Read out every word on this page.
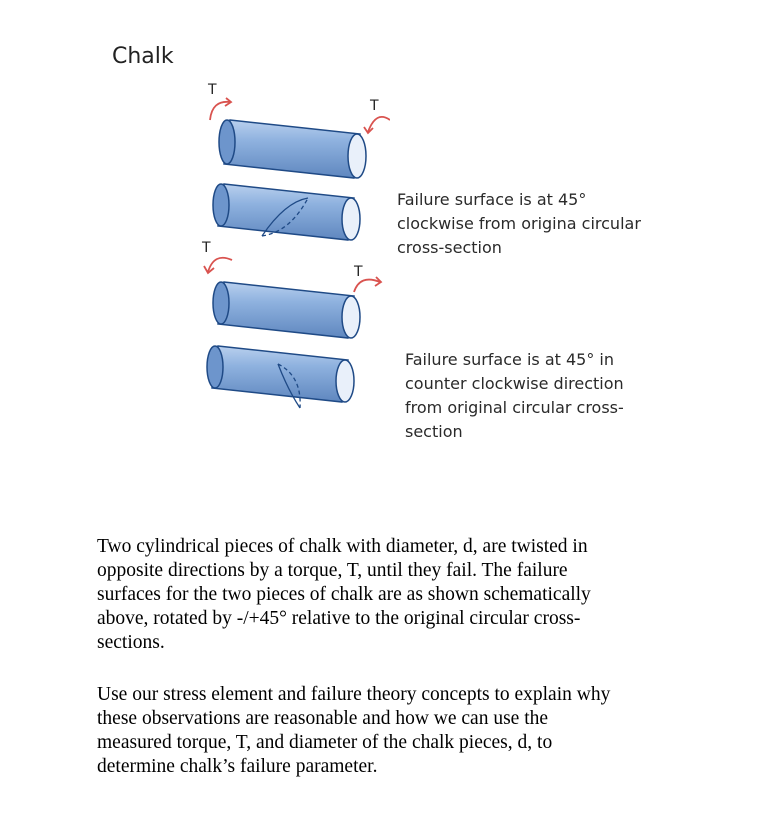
Chalk
T
T
T
T
Failure surface is at 45°
clockwise from origina circular
cross-section
Failure surface is at 45° in
counter clockwise direction
from original circular cross-
section
Two cylindrical pieces of chalk with diameter, d, are twisted in
opposite directions by a torque, T, until they fail. The failure
surfaces for the two pieces of chalk are as shown schematically
above, rotated by -/+45° relative to the original circular cross-
sections.
Use our stress element and failure theory concepts to explain why
these observations are reasonable and how we can use the
measured torque, T, and diameter of the chalk pieces, d, to
determine chalk’s failure parameter.
